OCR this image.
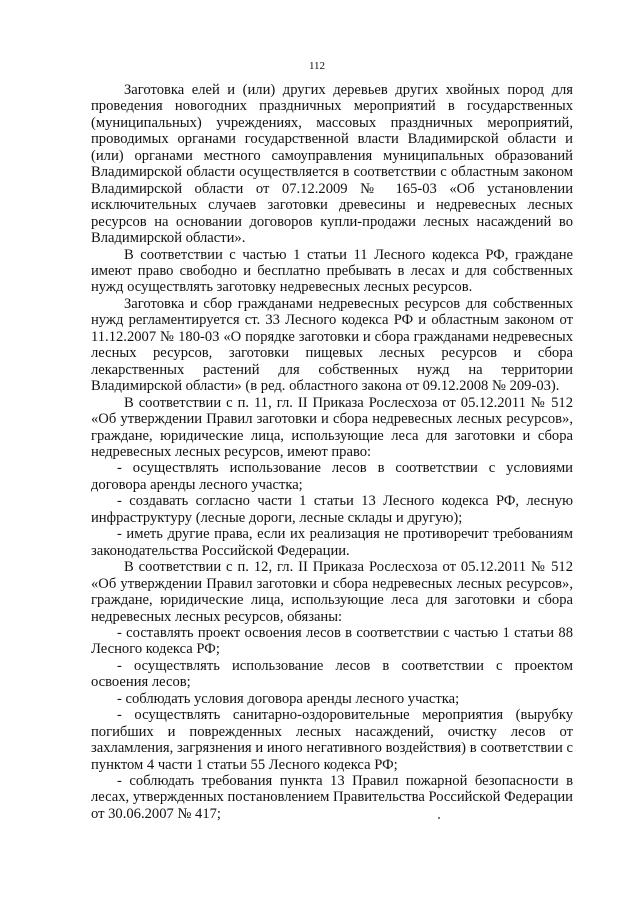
112

Заготовка елей и (или) других деревьев других хвойных пород для проведения новогодних праздничных мероприятий в государственных (муниципальных) учреждениях, массовых праздничных мероприятий, проводимых органами государственной власти Владимирской области и (или) органами местного самоуправления муниципальных образований Владимирской области осуществляется в соответствии с областным законом Владимирской области от 07.12.2009 № 165-03 «Об установлении исключительных случаев заготовки древесины и недревесных лесных ресурсов на основании договоров купли-продажи лесных насаждений во Владимирской области».

В соответствии с частью 1 статьи 11 Лесного кодекса РФ, граждане имеют право свободно и бесплатно пребывать в лесах и для собственных нужд осуществлять заготовку недревесных лесных ресурсов.

Заготовка и сбор гражданами недревесных ресурсов для собственных нужд регламентируется ст. 33 Лесного кодекса РФ и областным законом от 11.12.2007 № 180-03 «О порядке заготовки и сбора гражданами недревесных лесных ресурсов, заготовки пищевых лесных ресурсов и сбора лекарственных растений для собственных нужд на территории Владимирской области» (в ред. областного закона от 09.12.2008 № 209-03).

В соответствии с п. 11, гл. II Приказа Рослесхоза от 05.12.2011 № 512 «Об утверждении Правил заготовки и сбора недревесных лесных ресурсов», граждане, юридические лица, использующие леса для заготовки и сбора недревесных лесных ресурсов, имеют право:

- осуществлять использование лесов в соответствии с условиями договора аренды лесного участка;

- создавать согласно части 1 статьи 13 Лесного кодекса РФ, лесную инфраструктуру (лесные дороги, лесные склады и другую);

- иметь другие права, если их реализация не противоречит требованиям законодательства Российской Федерации.

В соответствии с п. 12, гл. II Приказа Рослесхоза от 05.12.2011 № 512 «Об утверждении Правил заготовки и сбора недревесных лесных ресурсов», граждане, юридические лица, использующие леса для заготовки и сбора недревесных лесных ресурсов, обязаны:

- составлять проект освоения лесов в соответствии с частью 1 статьи 88 Лесного кодекса РФ;

- осуществлять использование лесов в соответствии с проектом освоения лесов;

- соблюдать условия договора аренды лесного участка;

- осуществлять санитарно-оздоровительные мероприятия (вырубку погибших и поврежденных лесных насаждений, очистку лесов от захламления, загрязнения и иного негативного воздействия) в соответствии с пунктом 4 части 1 статьи 55 Лесного кодекса РФ;

- соблюдать требования пункта 13 Правил пожарной безопасности в лесах, утвержденных постановлением Правительства Российской Федерации от 30.06.2007 № 417;
